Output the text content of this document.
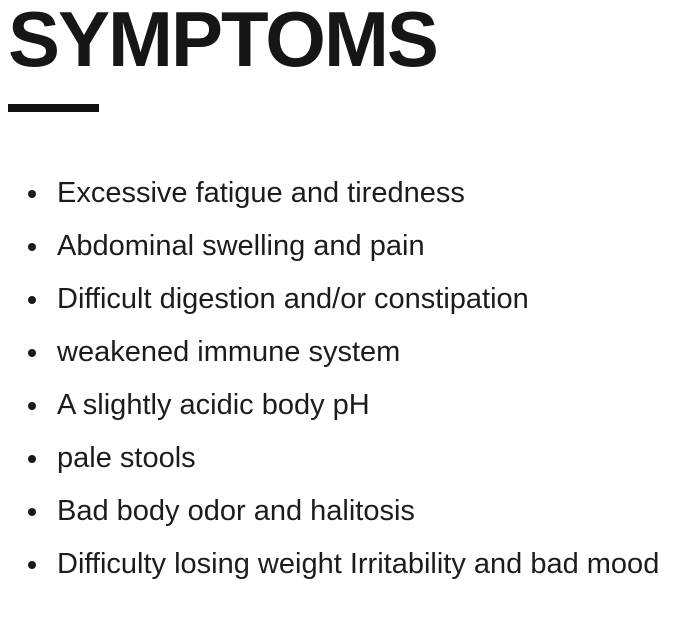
SYMPTOMS
Excessive fatigue and tiredness
Abdominal swelling and pain
Difficult digestion and/or constipation
weakened immune system
A slightly acidic body pH
pale stools
Bad body odor and halitosis
Difficulty losing weight Irritability and bad mood
